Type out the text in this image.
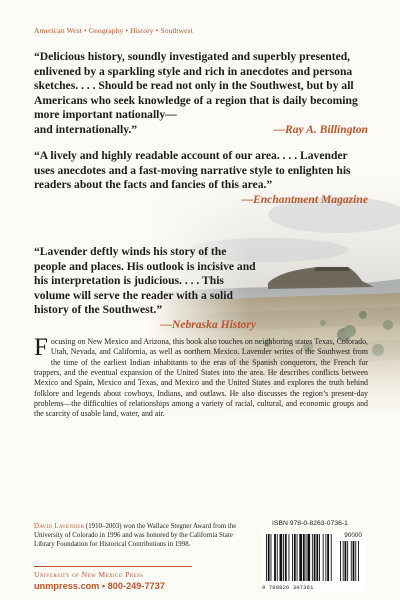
American West • Geography • History • Southwest
“Delicious history, soundly investigated and superbly presented, enlivened by a sparkling style and rich in anecdotes and persona sketches. . . . Should be read not only in the Southwest, but by all Americans who seek knowledge of a region that is daily becoming more important nationally—
and internationally.”	—Ray A. Billington
“A lively and highly readable account of our area. . . . Lavender uses anecdotes and a fast-moving narrative style to enlighten his readers about the facts and fancies of this area.”
—Enchantment Magazine
“Lavender deftly winds his story of the people and places. His outlook is incisive and his interpretation is judicious. . . . This volume will serve the reader with a solid history of the Southwest.”
—Nebraska History
Focusing on New Mexico and Arizona, this book also touches on neighboring states Texas, Colorado, Utah, Nevada, and California, as well as northern Mexico. Lavender writes of the Southwest from the time of the earliest Indian inhabitants to the eras of the Spanish conquerors, the French fur trappers, and the eventual expansion of the United States into the area. He describes conflicts between Mexico and Spain, Mexico and Texas, and Mexico and the United States and explores the truth behind folklore and legends about cowboys, Indians, and outlaws. He also discusses the region’s present-day problems—the difficulties of relationships among a variety of racial, cultural, and economic groups and the scarcity of usable land, water, and air.
David Lavender (1910–2003) won the Wallace Stegner Award from the University of Colorado in 1996 and was honored by the California State Library Foundation for Historical Contributions in 1998.
University of New Mexico Press
unmpress.com • 800-249-7737
ISBN 978-0-8263-0736-1
90000
9 780826 307361
